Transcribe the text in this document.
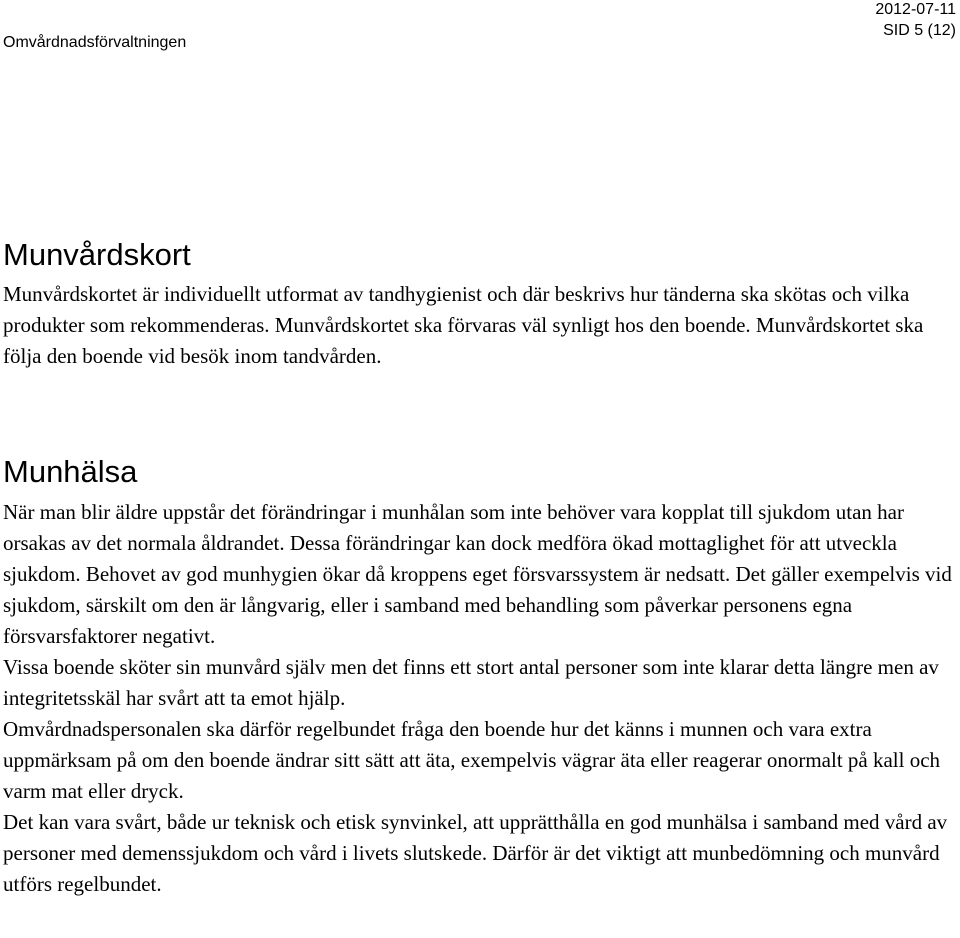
Omvårdnadsförvaltningen
2012-07-11
SID 5 (12)
Munvårdskort

Munvårdskortet är individuellt utformat av tandhygienist och där beskrivs hur tänderna ska skötas och vilka produkter som rekommenderas. Munvårdskortet ska förvaras väl synligt hos den boende. Munvårdskortet ska följa den boende vid besök inom tandvården.

Munhälsa

När man blir äldre uppstår det förändringar i munhålan som inte behöver vara kopplat till sjukdom utan har orsakas av det normala åldrandet. Dessa förändringar kan dock medföra ökad mottaglighet för att utveckla sjukdom. Behovet av god munhygien ökar då kroppens eget försvarssystem är nedsatt. Det gäller exempelvis vid sjukdom, särskilt om den är långvarig, eller i samband med behandling som påverkar personens egna försvarsfaktorer negativt.

Vissa boende sköter sin munvård själv men det finns ett stort antal personer som inte klarar detta längre men av integritetsskäl har svårt att ta emot hjälp.

Omvårdnadspersonalen ska därför regelbundet fråga den boende hur det känns i munnen och vara extra uppmärksam på om den boende ändrar sitt sätt att äta, exempelvis vägrar äta eller reagerar onormalt på kall och varm mat eller dryck.

Det kan vara svårt, både ur teknisk och etisk synvinkel, att upprätthålla en god munhälsa i samband med vård av personer med demenssjukdom och vård i livets slutskede. Därför är det viktigt att munbedömning och munvård utförs regelbundet.
